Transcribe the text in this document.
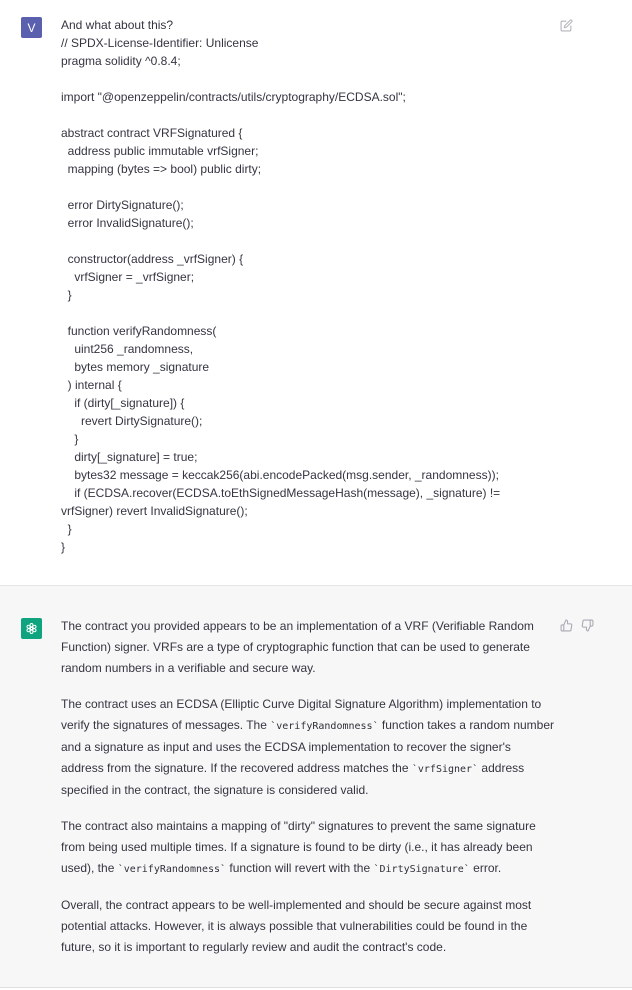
V And what about this?
// SPDX-License-Identifier: Unlicense
pragma solidity ^0.8.4;

import "@openzeppelin/contracts/utils/cryptography/ECDSA.sol";

abstract contract VRFSignatured {
address public immutable vrfSigner;
mapping (bytes => bool) public dirty;

error DirtySignature();
error InvalidSignature();

constructor(address _vrfSigner) {
vrfSigner = _vrfSigner;
}

function verifyRandomness(
uint256 _randomness,
bytes memory _signature
) internal {
if (dirty[_signature]) {
revert DirtySignature();
}
dirty[_signature] = true;
bytes32 message = keccak256(abi.encodePacked(msg.sender, _randomness));
if (ECDSA.recover(ECDSA.toEthSignedMessageHash(message), _signature) !=
vrfSigner) revert InvalidSignature();
}
}

The contract you provided appears to be an implementation of a VRF (Verifiable Random Function) signer. VRFs are a type of cryptographic function that can be used to generate random numbers in a verifiable and secure way.

The contract uses an ECDSA (Elliptic Curve Digital Signature Algorithm) implementation to verify the signatures of messages. The `verifyRandomness` function takes a random number and a signature as input and uses the ECDSA implementation to recover the signer's address from the signature. If the recovered address matches the `vrfSigner` address specified in the contract, the signature is considered valid.

The contract also maintains a mapping of "dirty" signatures to prevent the same signature from being used multiple times. If a signature is found to be dirty (i.e., it has already been used), the `verifyRandomness` function will revert with the `DirtySignature` error.

Overall, the contract appears to be well-implemented and should be secure against most potential attacks. However, it is always possible that vulnerabilities could be found in the future, so it is important to regularly review and audit the contract's code.
